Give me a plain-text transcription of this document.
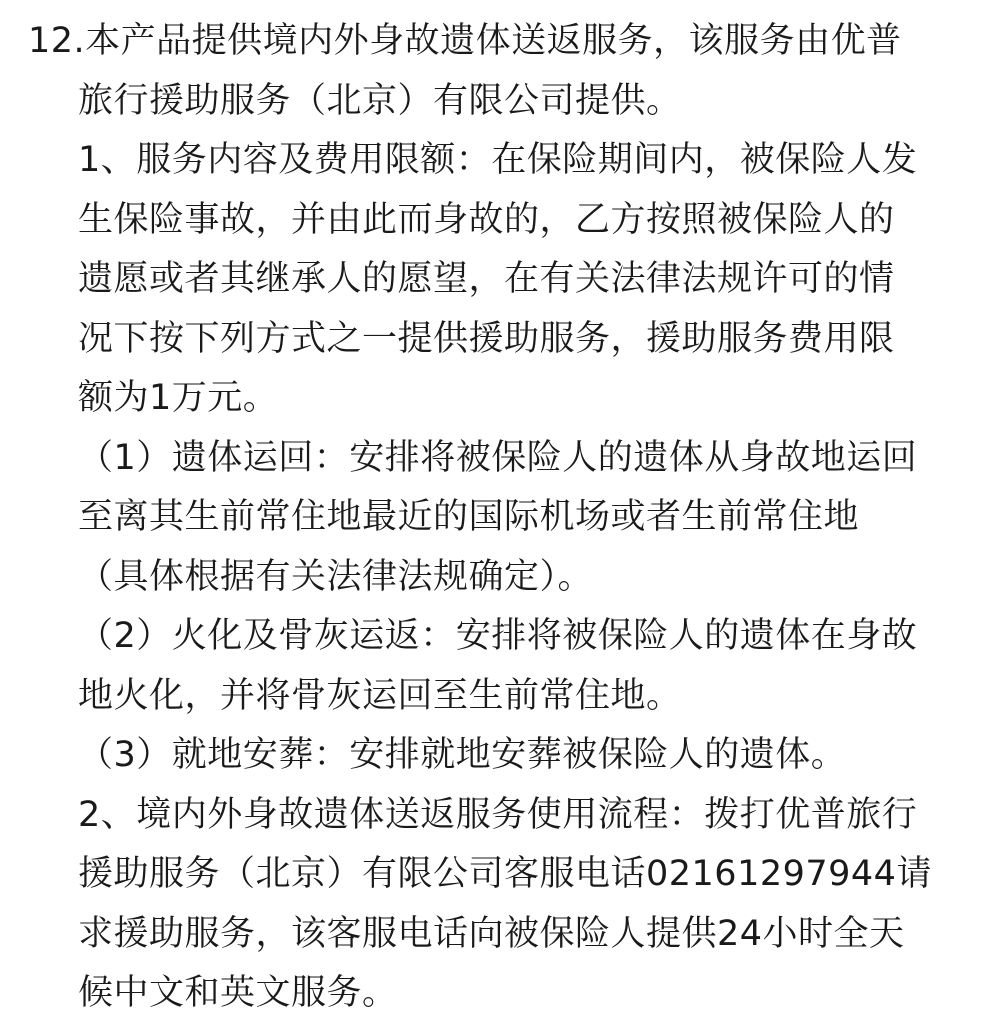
12.本产品提供境内外身故遗体送返服务，该服务由优普
旅行援助服务（北京）有限公司提供。
1、服务内容及费用限额：在保险期间内，被保险人发
生保险事故，并由此而身故的，乙方按照被保险人的
遗愿或者其继承人的愿望，在有关法律法规许可的情
况下按下列方式之一提供援助服务，援助服务费用限
额为1万元。
（1）遗体运回：安排将被保险人的遗体从身故地运回
至离其生前常住地最近的国际机场或者生前常住地
（具体根据有关法律法规确定）。
（2）火化及骨灰运返：安排将被保险人的遗体在身故
地火化，并将骨灰运回至生前常住地。
（3）就地安葬：安排就地安葬被保险人的遗体。
2、境内外身故遗体送返服务使用流程：拨打优普旅行
援助服务（北京）有限公司客服电话02161297944请
求援助服务，该客服电话向被保险人提供24小时全天
候中文和英文服务。
